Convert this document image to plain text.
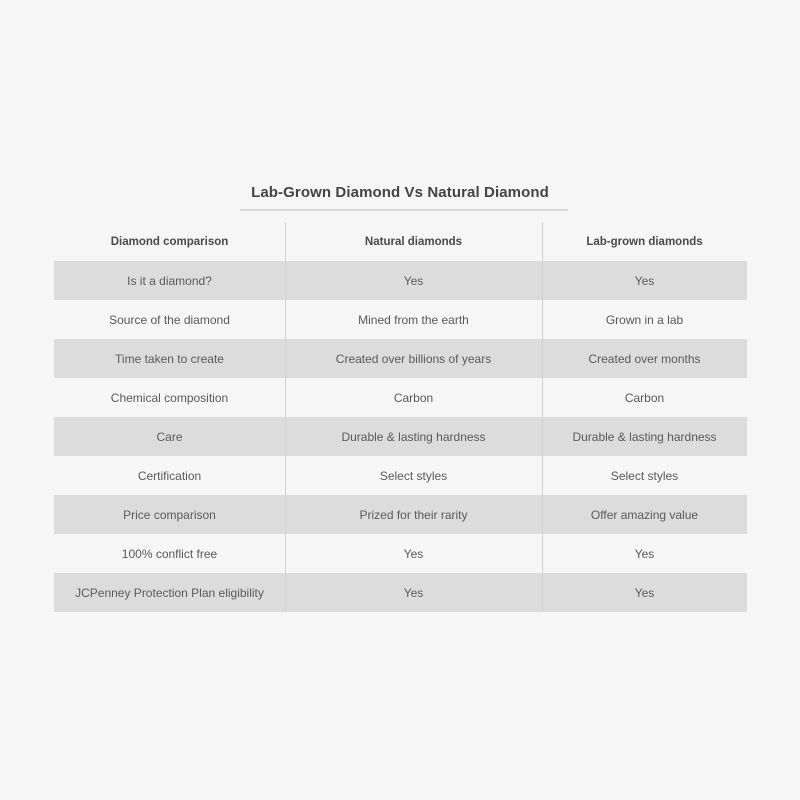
Lab-Grown Diamond Vs Natural Diamond
Diamond comparison	Natural diamonds	Lab-grown diamonds
Is it a diamond?	Yes	Yes
Source of the diamond	Mined from the earth	Grown in a lab
Time taken to create	Created over billions of years	Created over months
Chemical composition	Carbon	Carbon
Care	Durable & lasting hardness	Durable & lasting hardness
Certification	Select styles	Select styles
Price comparison	Prized for their rarity	Offer amazing value
100% conflict free	Yes	Yes
JCPenney Protection Plan eligibility	Yes	Yes
